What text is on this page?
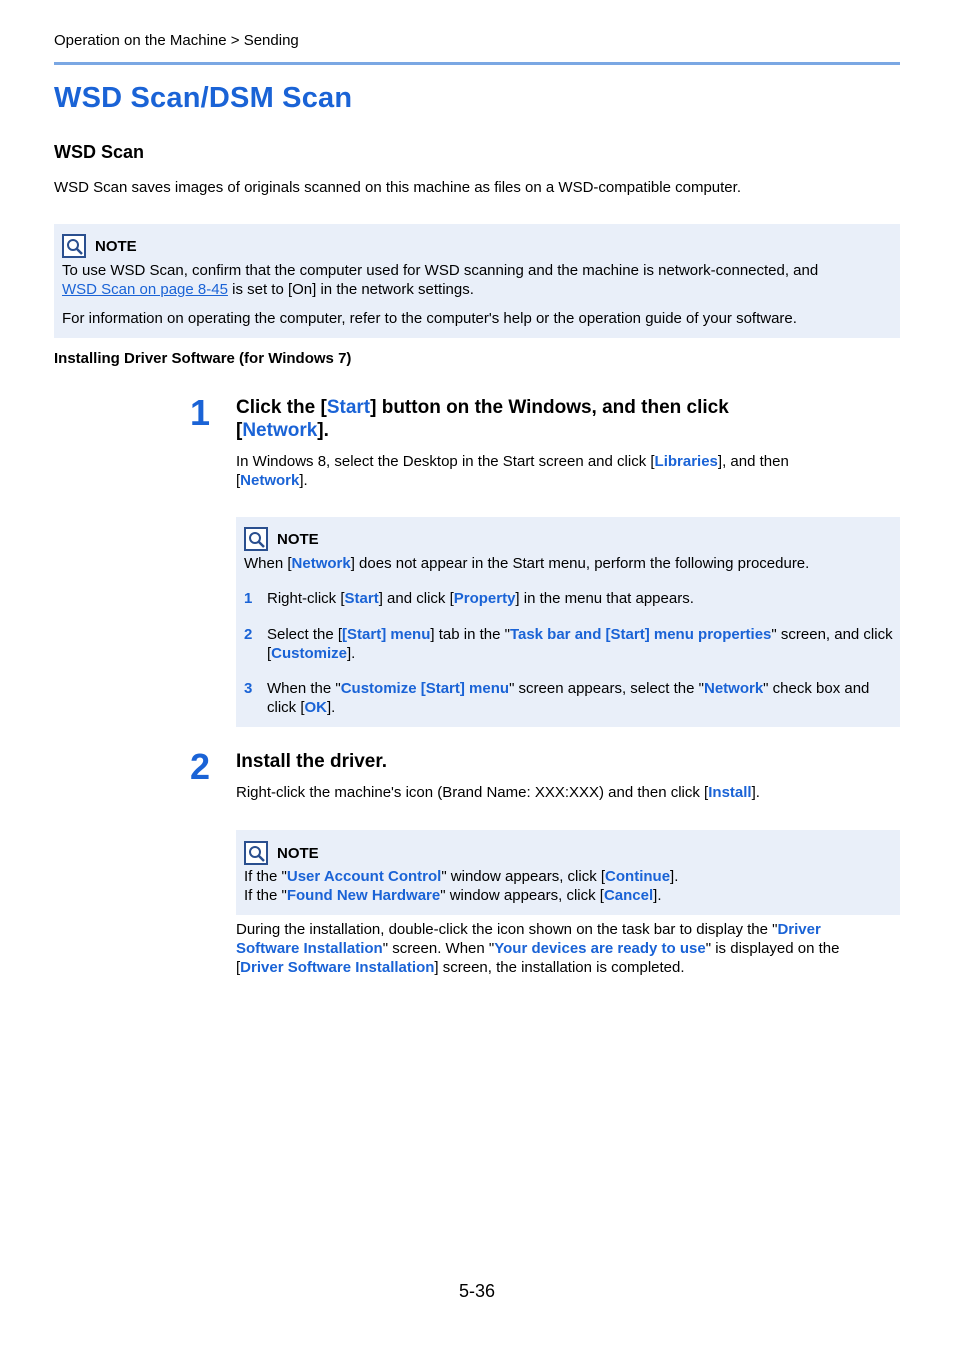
Operation on the Machine > Sending
WSD Scan/DSM Scan
WSD Scan
WSD Scan saves images of originals scanned on this machine as files on a WSD-compatible computer.
NOTE
To use WSD Scan, confirm that the computer used for WSD scanning and the machine is network-connected, and
WSD Scan on page 8-45 is set to [On] in the network settings.
For information on operating the computer, refer to the computer's help or the operation guide of your software.
Installing Driver Software (for Windows 7)
1 Click the [Start] button on the Windows, and then click
[Network].
In Windows 8, select the Desktop in the Start screen and click [Libraries], and then
[Network].
NOTE
When [Network] does not appear in the Start menu, perform the following procedure.
1 Right-click [Start] and click [Property] in the menu that appears.
2 Select the [[Start] menu] tab in the "Task bar and [Start] menu properties" screen, and click [Customize].
3 When the "Customize [Start] menu" screen appears, select the "Network" check box and click [OK].
2 Install the driver.
Right-click the machine's icon (Brand Name: XXX:XXX) and then click [Install].
NOTE
If the "User Account Control" window appears, click [Continue].
If the "Found New Hardware" window appears, click [Cancel].
During the installation, double-click the icon shown on the task bar to display the "Driver Software Installation" screen. When "Your devices are ready to use" is displayed on the [Driver Software Installation] screen, the installation is completed.
5-36
